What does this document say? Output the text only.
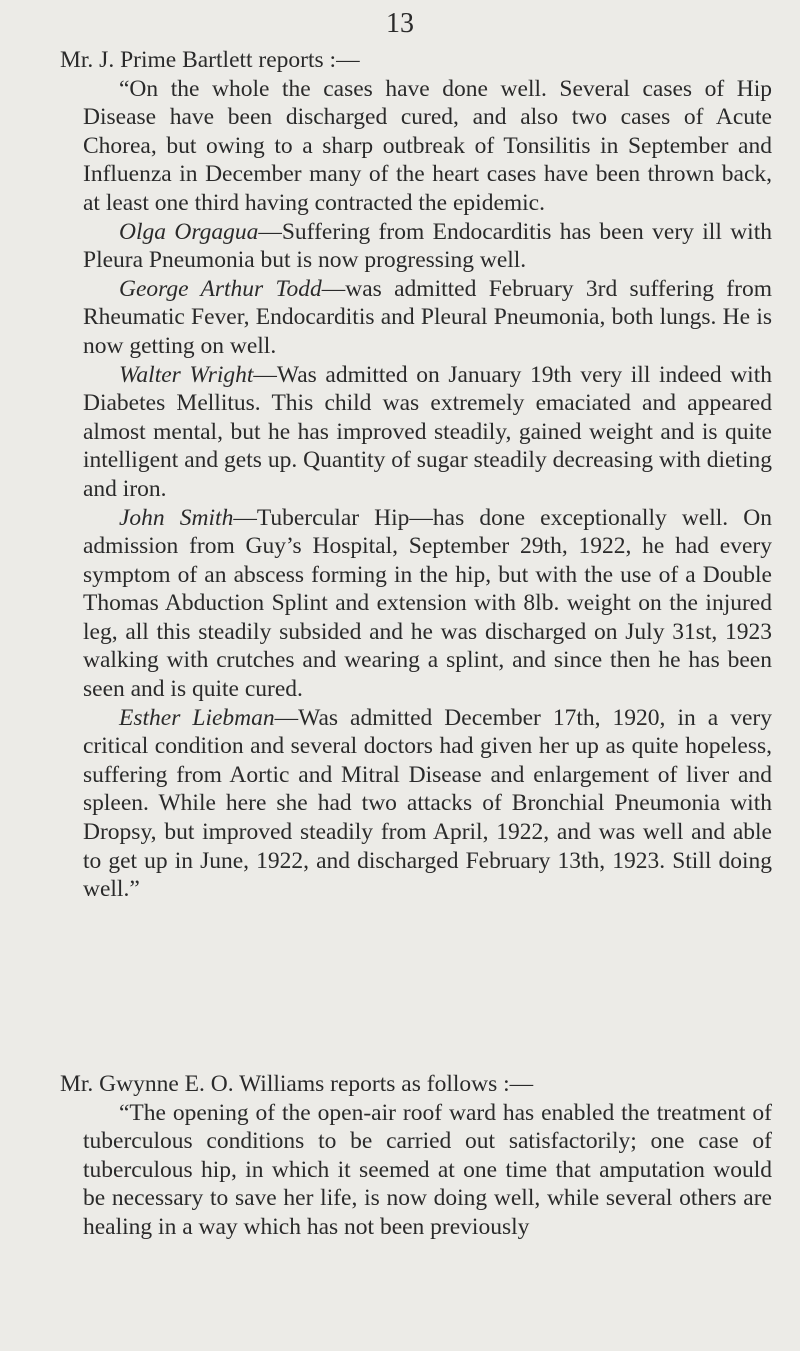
13

Mr. J. Prime Bartlett reports :—

“On the whole the cases have done well. Several cases of Hip Disease have been discharged cured, and also two cases of Acute Chorea, but owing to a sharp outbreak of Tonsilitis in September and Influenza in December many of the heart cases have been thrown back, at least one third having contracted the epidemic.

Olga Orgagua—Suffering from Endocarditis has been very ill with Pleura Pneumonia but is now progressing well.

George Arthur Todd—was admitted February 3rd suffering from Rheumatic Fever, Endocarditis and Pleural Pneumonia, both lungs. He is now getting on well.

Walter Wright—Was admitted on January 19th very ill indeed with Diabetes Mellitus. This child was extremely emaciated and appeared almost mental, but he has improved steadily, gained weight and is quite intelligent and gets up. Quantity of sugar steadily decreasing with dieting and iron.

John Smith—Tubercular Hip—has done exceptionally well. On admission from Guy’s Hospital, September 29th, 1922, he had every symptom of an abscess forming in the hip, but with the use of a Double Thomas Abduction Splint and extension with 8lb. weight on the injured leg, all this steadily subsided and he was discharged on July 31st, 1923 walking with crutches and wearing a splint, and since then he has been seen and is quite cured.

Esther Liebman—Was admitted December 17th, 1920, in a very critical condition and several doctors had given her up as quite hopeless, suffering from Aortic and Mitral Disease and enlargement of liver and spleen. While here she had two attacks of Bronchial Pneumonia with Dropsy, but improved steadily from April, 1922, and was well and able to get up in June, 1922, and discharged February 13th, 1923. Still doing well.”

Mr. Gwynne E. O. Williams reports as follows :—

“The opening of the open-air roof ward has enabled the treatment of tuberculous conditions to be carried out satisfactorily; one case of tuberculous hip, in which it seemed at one time that amputation would be necessary to save her life, is now doing well, while several others are healing in a way which has not been previously
